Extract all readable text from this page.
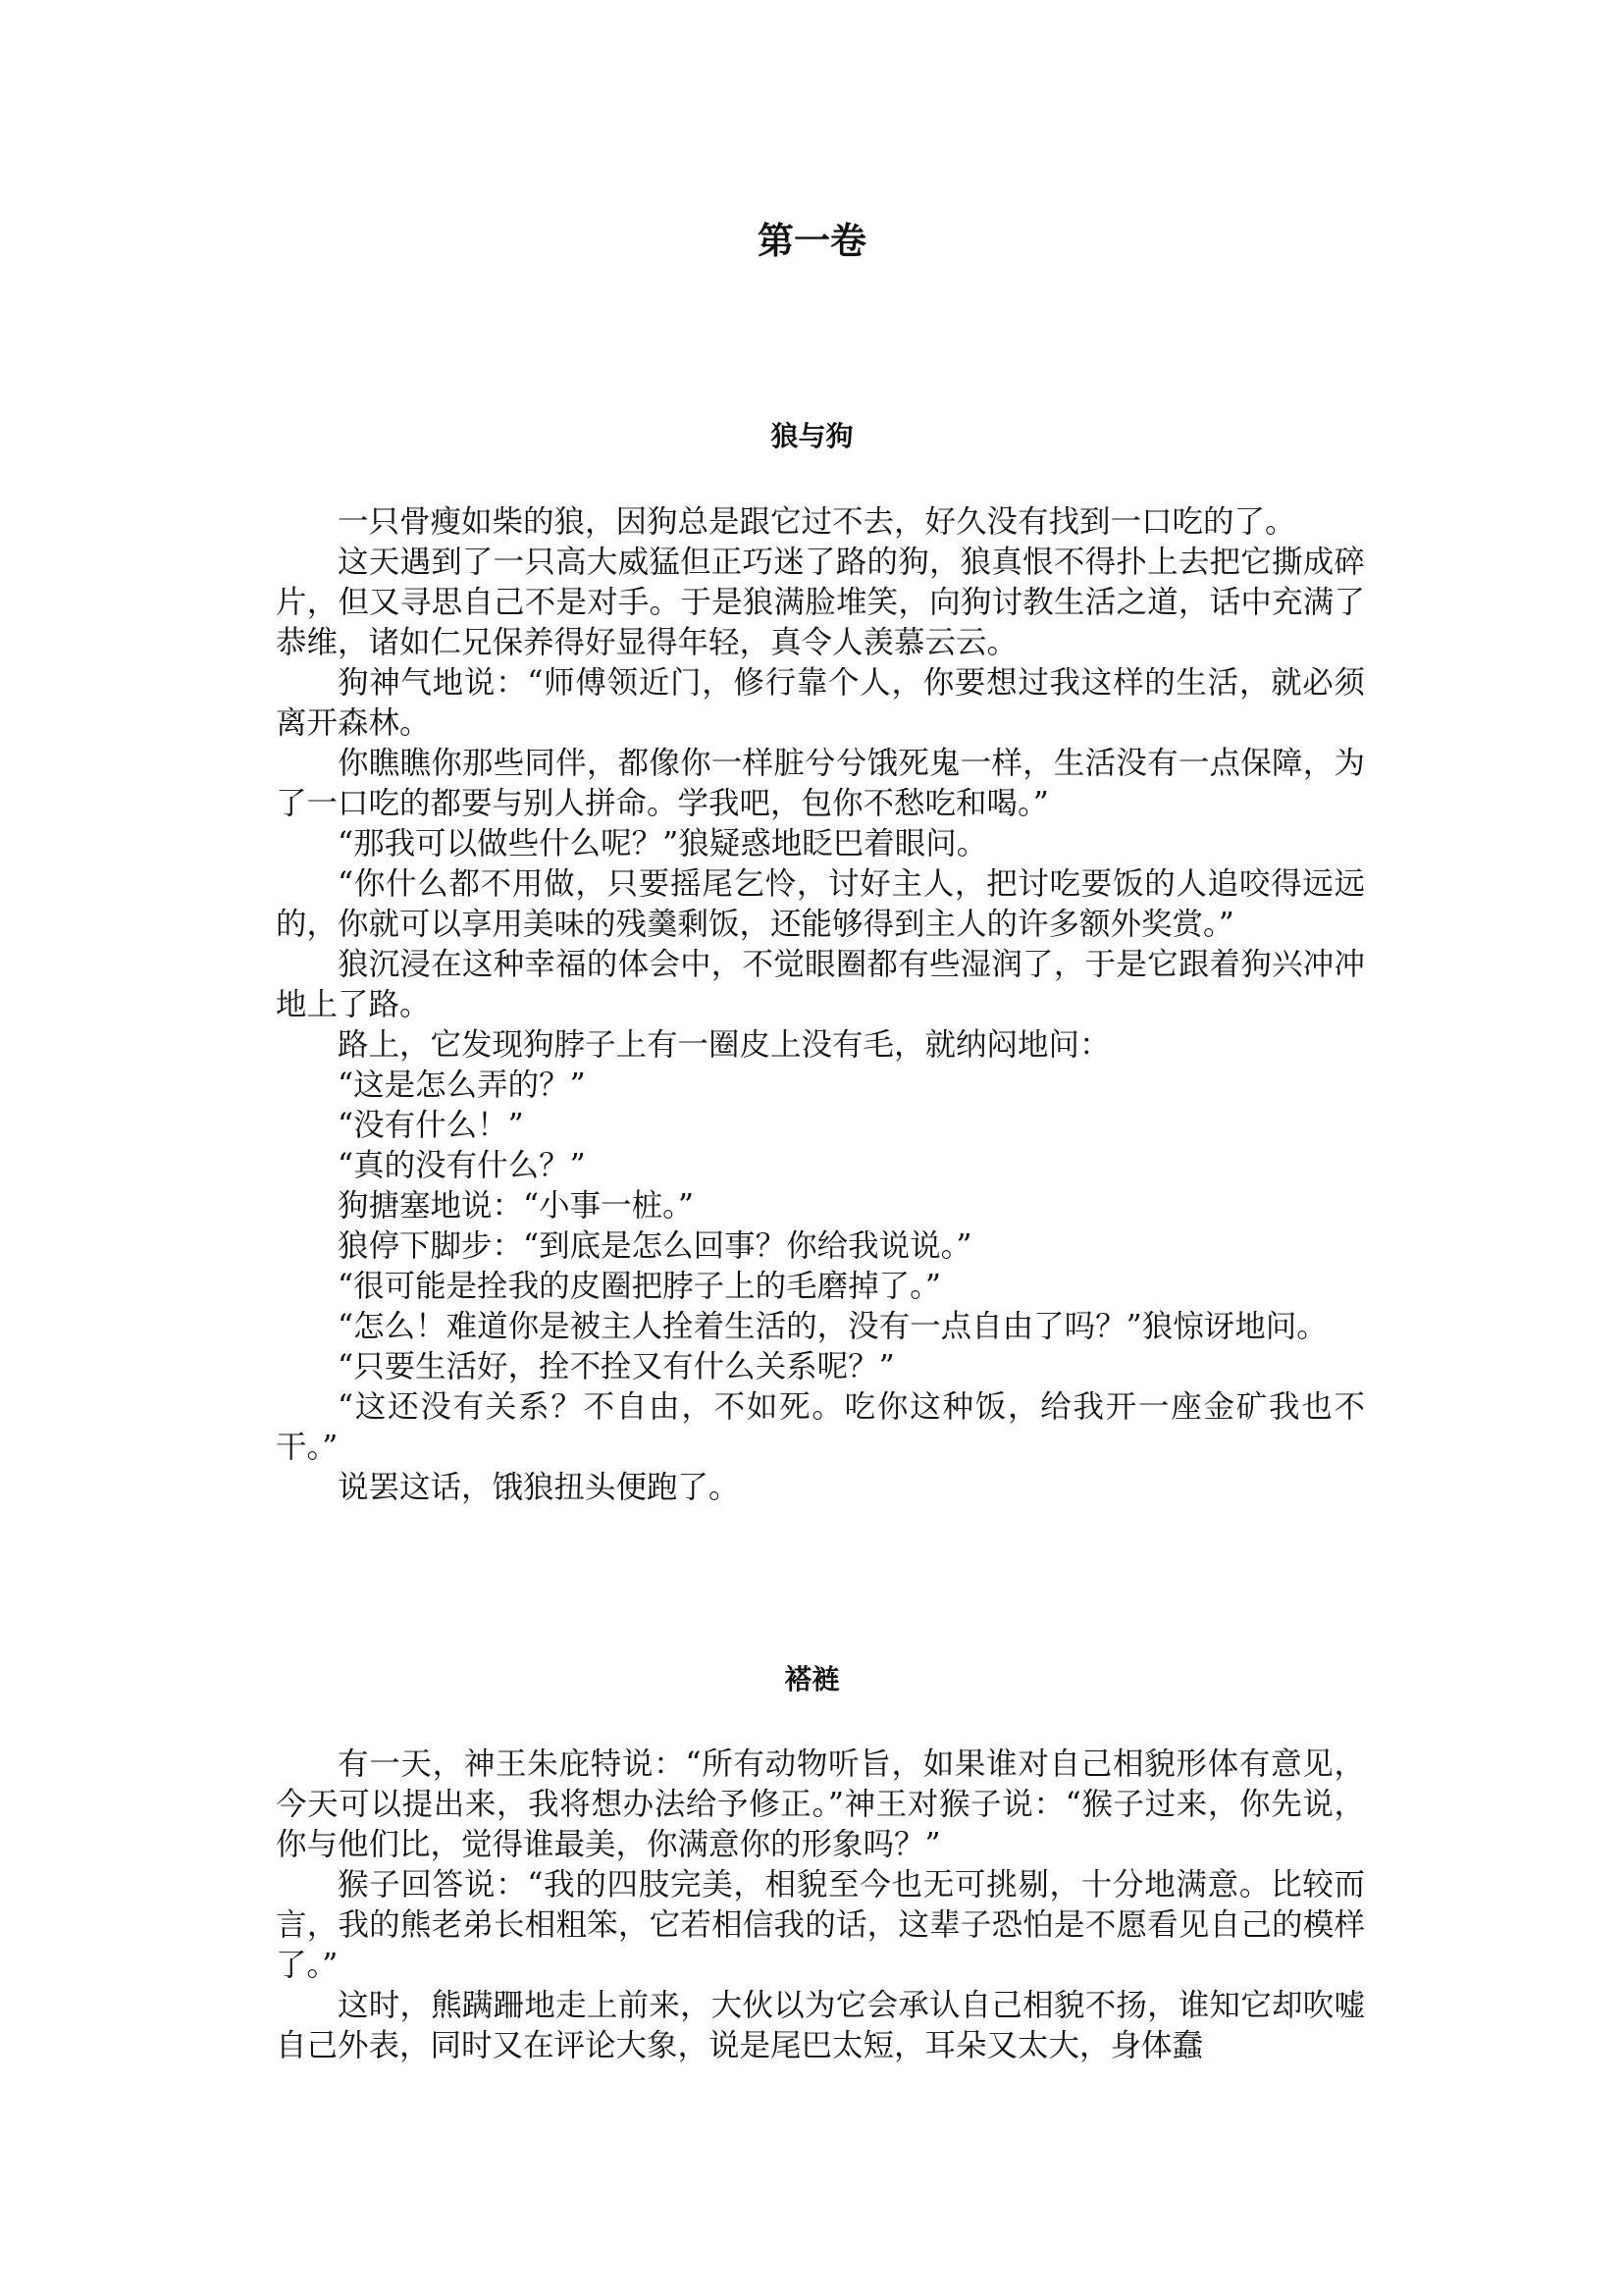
第一卷
狼与狗

一只骨瘦如柴的狼，因狗总是跟它过不去，好久没有找到一口吃的了。

这天遇到了一只高大威猛但正巧迷了路的狗，狼真恨不得扑上去把它撕成碎片，但又寻思自己不是对手。于是狼满脸堆笑，向狗讨教生活之道，话中充满了恭维，诸如仁兄保养得好显得年轻，真令人羡慕云云。

狗神气地说：“师傅领近门，修行靠个人，你要想过我这样的生活，就必须离开森林。

你瞧瞧你那些同伴，都像你一样脏兮兮饿死鬼一样，生活没有一点保障，为了一口吃的都要与别人拼命。学我吧，包你不愁吃和喝。”

“那我可以做些什么呢？”狼疑惑地眨巴着眼问。

“你什么都不用做，只要摇尾乞怜，讨好主人，把讨吃要饭的人追咬得远远的，你就可以享用美味的残羹剩饭，还能够得到主人的许多额外奖赏。”

狼沉浸在这种幸福的体会中，不觉眼圈都有些湿润了，于是它跟着狗兴冲冲地上了路。

路上，它发现狗脖子上有一圈皮上没有毛，就纳闷地问：

“这是怎么弄的？”

“没有什么！”

“真的没有什么？”

狗搪塞地说：“小事一桩。”

狼停下脚步：“到底是怎么回事？你给我说说。”

“很可能是拴我的皮圈把脖子上的毛磨掉了。”

“怎么！难道你是被主人拴着生活的，没有一点自由了吗？”狼惊讶地问。

“只要生活好，拴不拴又有什么关系呢？”

“这还没有关系？不自由，不如死。吃你这种饭，给我开一座金矿我也不干。”

说罢这话，饿狼扭头便跑了。

褡裢

有一天，神王朱庇特说：“所有动物听旨，如果谁对自己相貌形体有意见，今天可以提出来，我将想办法给予修正。”神王对猴子说：“猴子过来，你先说，你与他们比，觉得谁最美，你满意你的形象吗？”

猴子回答说：“我的四肢完美，相貌至今也无可挑剔，十分地满意。比较而言，我的熊老弟长相粗笨，它若相信我的话，这辈子恐怕是不愿看见自己的模样了。”

这时，熊蹒跚地走上前来，大伙以为它会承认自己相貌不扬，谁知它却吹嘘自己外表，同时又在评论大象，说是尾巴太短，耳朵又太大，身体蠢
